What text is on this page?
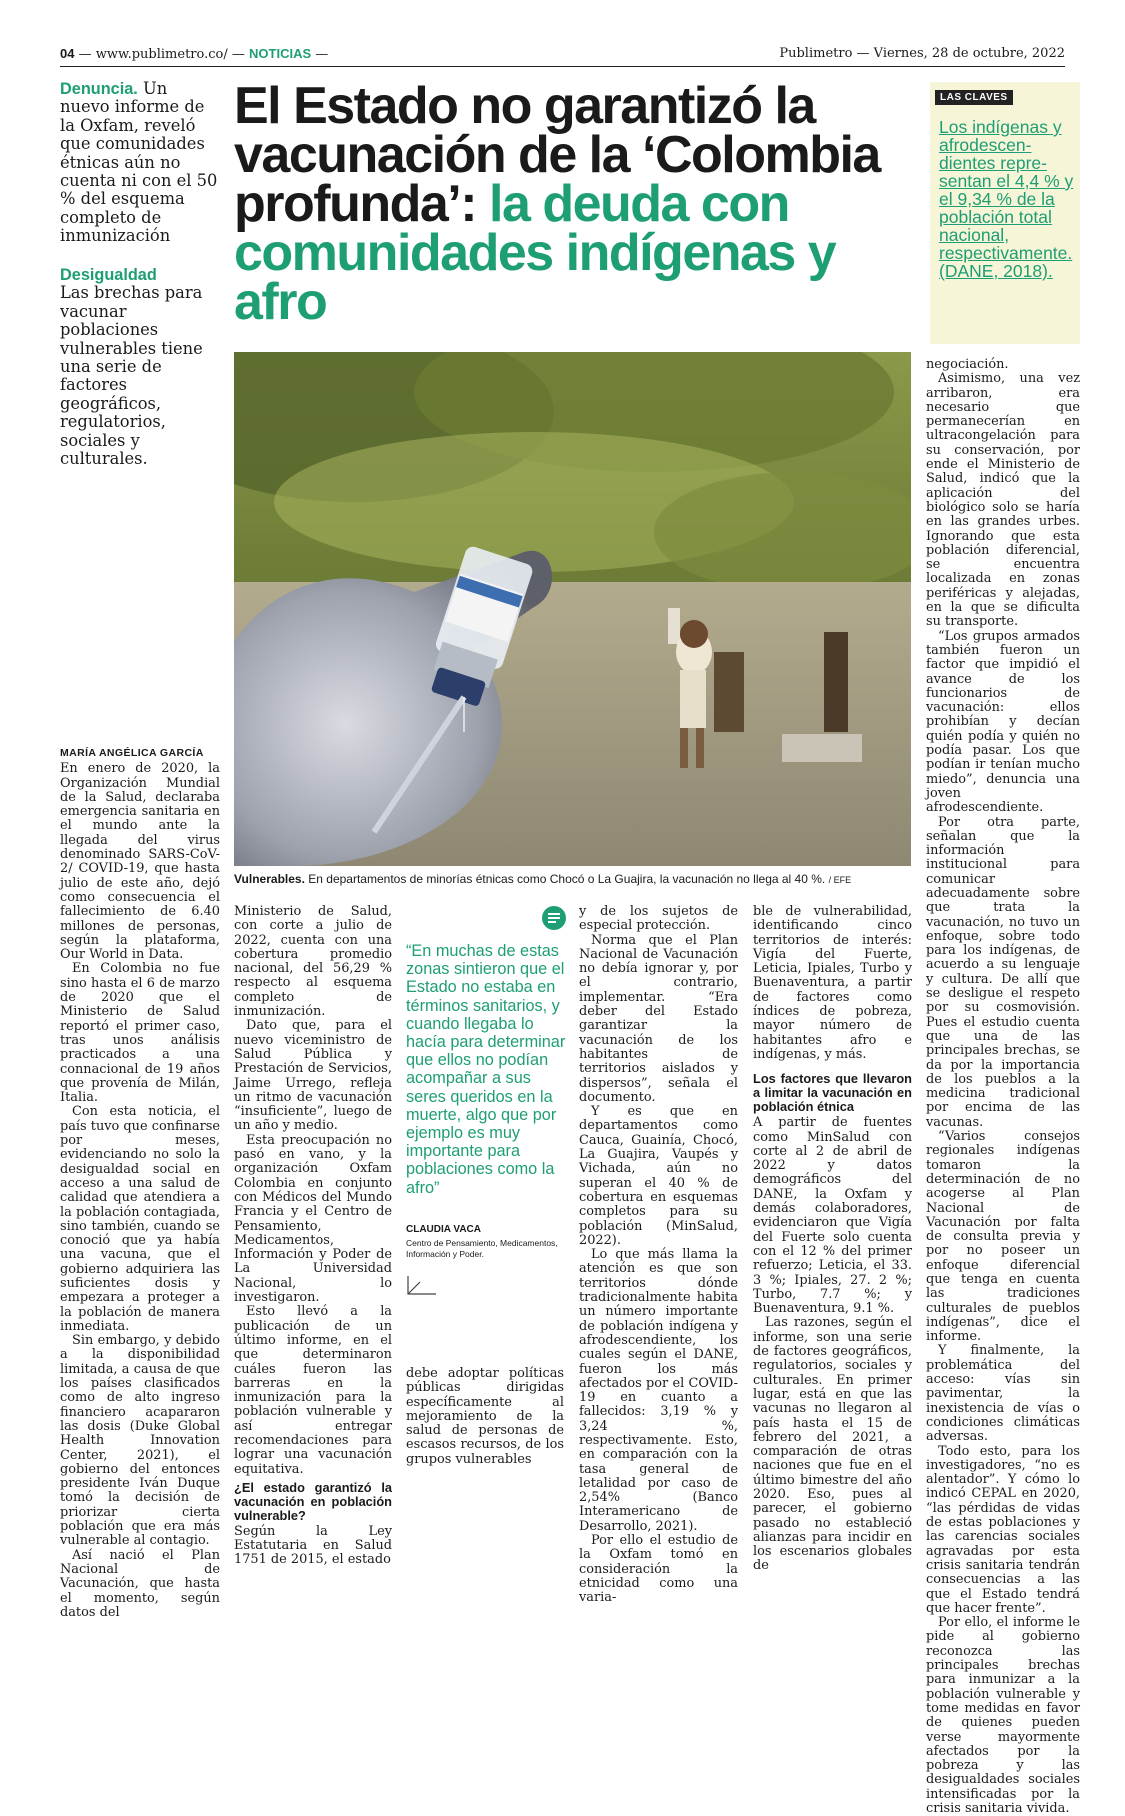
04 — www.publimetro.co/ — NOTICIAS —	Publimetro — Viernes, 28 de octubre, 2022
Denuncia. Un nuevo informe de la Oxfam, reveló que comunidades étnicas aún no cuenta ni con el 50 % del esquema completo de inmunización
Desigualdad
Las brechas para vacunar poblaciones vulnerables tiene una serie de factores geográficos, regulatorios, sociales y culturales.
El Estado no garantizó la vacunación de la ‘Colombia profunda’: la deuda con comunidades indígenas y afro
LAS CLAVES
Los indígenas y afrodescendientes representan el 4,4 % y el 9,34 % de la población total nacional, respectivamente. (DANE, 2018).
Vulnerables. En departamentos de minorías étnicas como Chocó o La Guajira, la vacunación no llega al 40 %. / EFE
MARÍA ANGÉLICA GARCÍA

En enero de 2020, la Organización Mundial de la Salud, declaraba emergencia sanitaria en el mundo ante la llegada del virus denominado SARS-CoV-2/ COVID-19, que hasta julio de este año, dejó como consecuencia el fallecimiento de 6.40 millones de personas, según la plataforma, Our World in Data.

En Colombia no fue sino hasta el 6 de marzo de 2020 que el Ministerio de Salud reportó el primer caso, tras unos análisis practicados a una connacional de 19 años que provenía de Milán, Italia.

Con esta noticia, el país tuvo que confinarse por meses, evidenciando no solo la desigualdad social en acceso a una salud de calidad que atendiera a la población contagiada, sino también, cuando se conoció que ya había una vacuna, que el gobierno adquiriera las suficientes dosis y empezara a proteger a la población de manera inmediata.

Sin embargo, y debido a la disponibilidad limitada, a causa de que los países clasificados como de alto ingreso financiero acapararon las dosis (Duke Global Health Innovation Center, 2021), el gobierno del entonces presidente Iván Duque tomó la decisión de priorizar cierta población que era más vulnerable al contagio.

Así nació el Plan Nacional de Vacunación, que hasta el momento, según datos del

Ministerio de Salud, con corte a julio de 2022, cuenta con una cobertura promedio nacional, del 56,29 % respecto al esquema completo de inmunización.

Dato que, para el nuevo viceministro de Salud Pública y Prestación de Servicios, Jaime Urrego, refleja un ritmo de vacunación “insuficiente”, luego de un año y medio.

Esta preocupación no pasó en vano, y la organización Oxfam Colombia en conjunto con Médicos del Mundo Francia y el Centro de Pensamiento, Medicamentos, Información y Poder de La Universidad Nacional, lo investigaron.

Esto llevó a la publicación de un último informe, en el que determinaron cuáles fueron las barreras en la inmunización para la población vulnerable y así entregar recomendaciones para lograr una vacunación equitativa.

¿El estado garantizó la vacunación en población vulnerable?

Según la Ley Estatutaria en Salud 1751 de 2015, el estado

“En muchas de estas zonas sintieron que el Estado no estaba en términos sanitarios, y cuando llegaba lo hacía para determinar que ellos no podían acompañar a sus seres queridos en la muerte, algo que por ejemplo es muy importante para poblaciones como la afro”
CLAUDIA VACA
Centro de Pensamiento, Medicamentos, Información y Poder.

debe adoptar políticas públicas dirigidas específicamente al mejoramiento de la salud de personas de escasos recursos, de los grupos vulnerables

y de los sujetos de especial protección.

Norma que el Plan Nacional de Vacunación no debía ignorar y, por el contrario, implementar. “Era deber del Estado garantizar la vacunación de los habitantes de territorios aislados y dispersos”, señala el documento.

Y es que en departamentos como Cauca, Guainía, Chocó, La Guajira, Vaupés y Vichada, aún no superan el 40 % de cobertura en esquemas completos para su población (MinSalud, 2022).

Lo que más llama la atención es que son territorios dónde tradicionalmente habita un número importante de población indígena y afrodescendiente, los cuales según el DANE, fueron los más afectados por el COVID-19 en cuanto a fallecidos: 3,19 % y 3,24 %, respectivamente. Esto, en comparación con la tasa general de letalidad por caso de 2,54% (Banco Interamericano de Desarrollo, 2021).

Por ello el estudio de la Oxfam tomó en consideración la etnicidad como una varia-

ble de vulnerabilidad, identificando cinco territorios de interés: Vigía del Fuerte, Leticia, Ipiales, Turbo y Buenaventura, a partir de factores como índices de pobreza, mayor número de habitantes afro e indígenas, y más.

Los factores que llevaron a limitar la vacunación en población étnica

A partir de fuentes como MinSalud con corte al 2 de abril de 2022 y datos demográficos del DANE, la Oxfam y demás colaboradores, evidenciaron que Vigía del Fuerte solo cuenta con el 12 % del primer refuerzo; Leticia, el 33. 3 %; Ipiales, 27. 2 %; Turbo, 7.7 %; y Buenaventura, 9.1 %.

Las razones, según el informe, son una serie de factores geográficos, regulatorios, sociales y culturales. En primer lugar, está en que las vacunas no llegaron al país hasta el 15 de febrero del 2021, a comparación de otras naciones que fue en el último bimestre del año 2020. Eso, pues al parecer, el gobierno pasado no estableció alianzas para incidir en los escenarios globales de

negociación.

Asimismo, una vez arribaron, era necesario que permanecerían en ultracongelación para su conservación, por ende el Ministerio de Salud, indicó que la aplicación del biológico solo se haría en las grandes urbes. Ignorando que esta población diferencial, se encuentra localizada en zonas periféricas y alejadas, en la que se dificulta su transporte.

“Los grupos armados también fueron un factor que impidió el avance de los funcionarios de vacunación: ellos prohibían y decían quién podía y quién no podía pasar. Los que podían ir tenían mucho miedo”, denuncia una joven afrodescendiente.

Por otra parte, señalan que la información institucional para comunicar adecuadamente sobre que trata la vacunación, no tuvo un enfoque, sobre todo para los indígenas, de acuerdo a su lenguaje y cultura. De allí que se desligue el respeto por su cosmovisión. Pues el estudio cuenta que una de las principales brechas, se da por la importancia de los pueblos a la medicina tradicional por encima de las vacunas.

“Varios consejos regionales indígenas tomaron la determinación de no acogerse al Plan Nacional de Vacunación por falta de consulta previa y por no poseer un enfoque diferencial que tenga en cuenta las tradiciones culturales de pueblos indígenas”, dice el informe.

Y finalmente, la problemática del acceso: vías sin pavimentar, la inexistencia de vías o condiciones climáticas adversas.

Todo esto, para los investigadores, “no es alentador”. Y cómo lo indicó CEPAL en 2020, “las pérdidas de vidas de estas poblaciones y las carencias sociales agravadas por esta crisis sanitaria tendrán consecuencias a las que el Estado tendrá que hacer frente”.

Por ello, el informe le pide al gobierno reconozca las principales brechas para inmunizar a la población vulnerable y tome medidas en favor de quienes pueden verse mayormente afectados por la pobreza y las desigualdades sociales intensificadas por la crisis sanitaria vivida.
